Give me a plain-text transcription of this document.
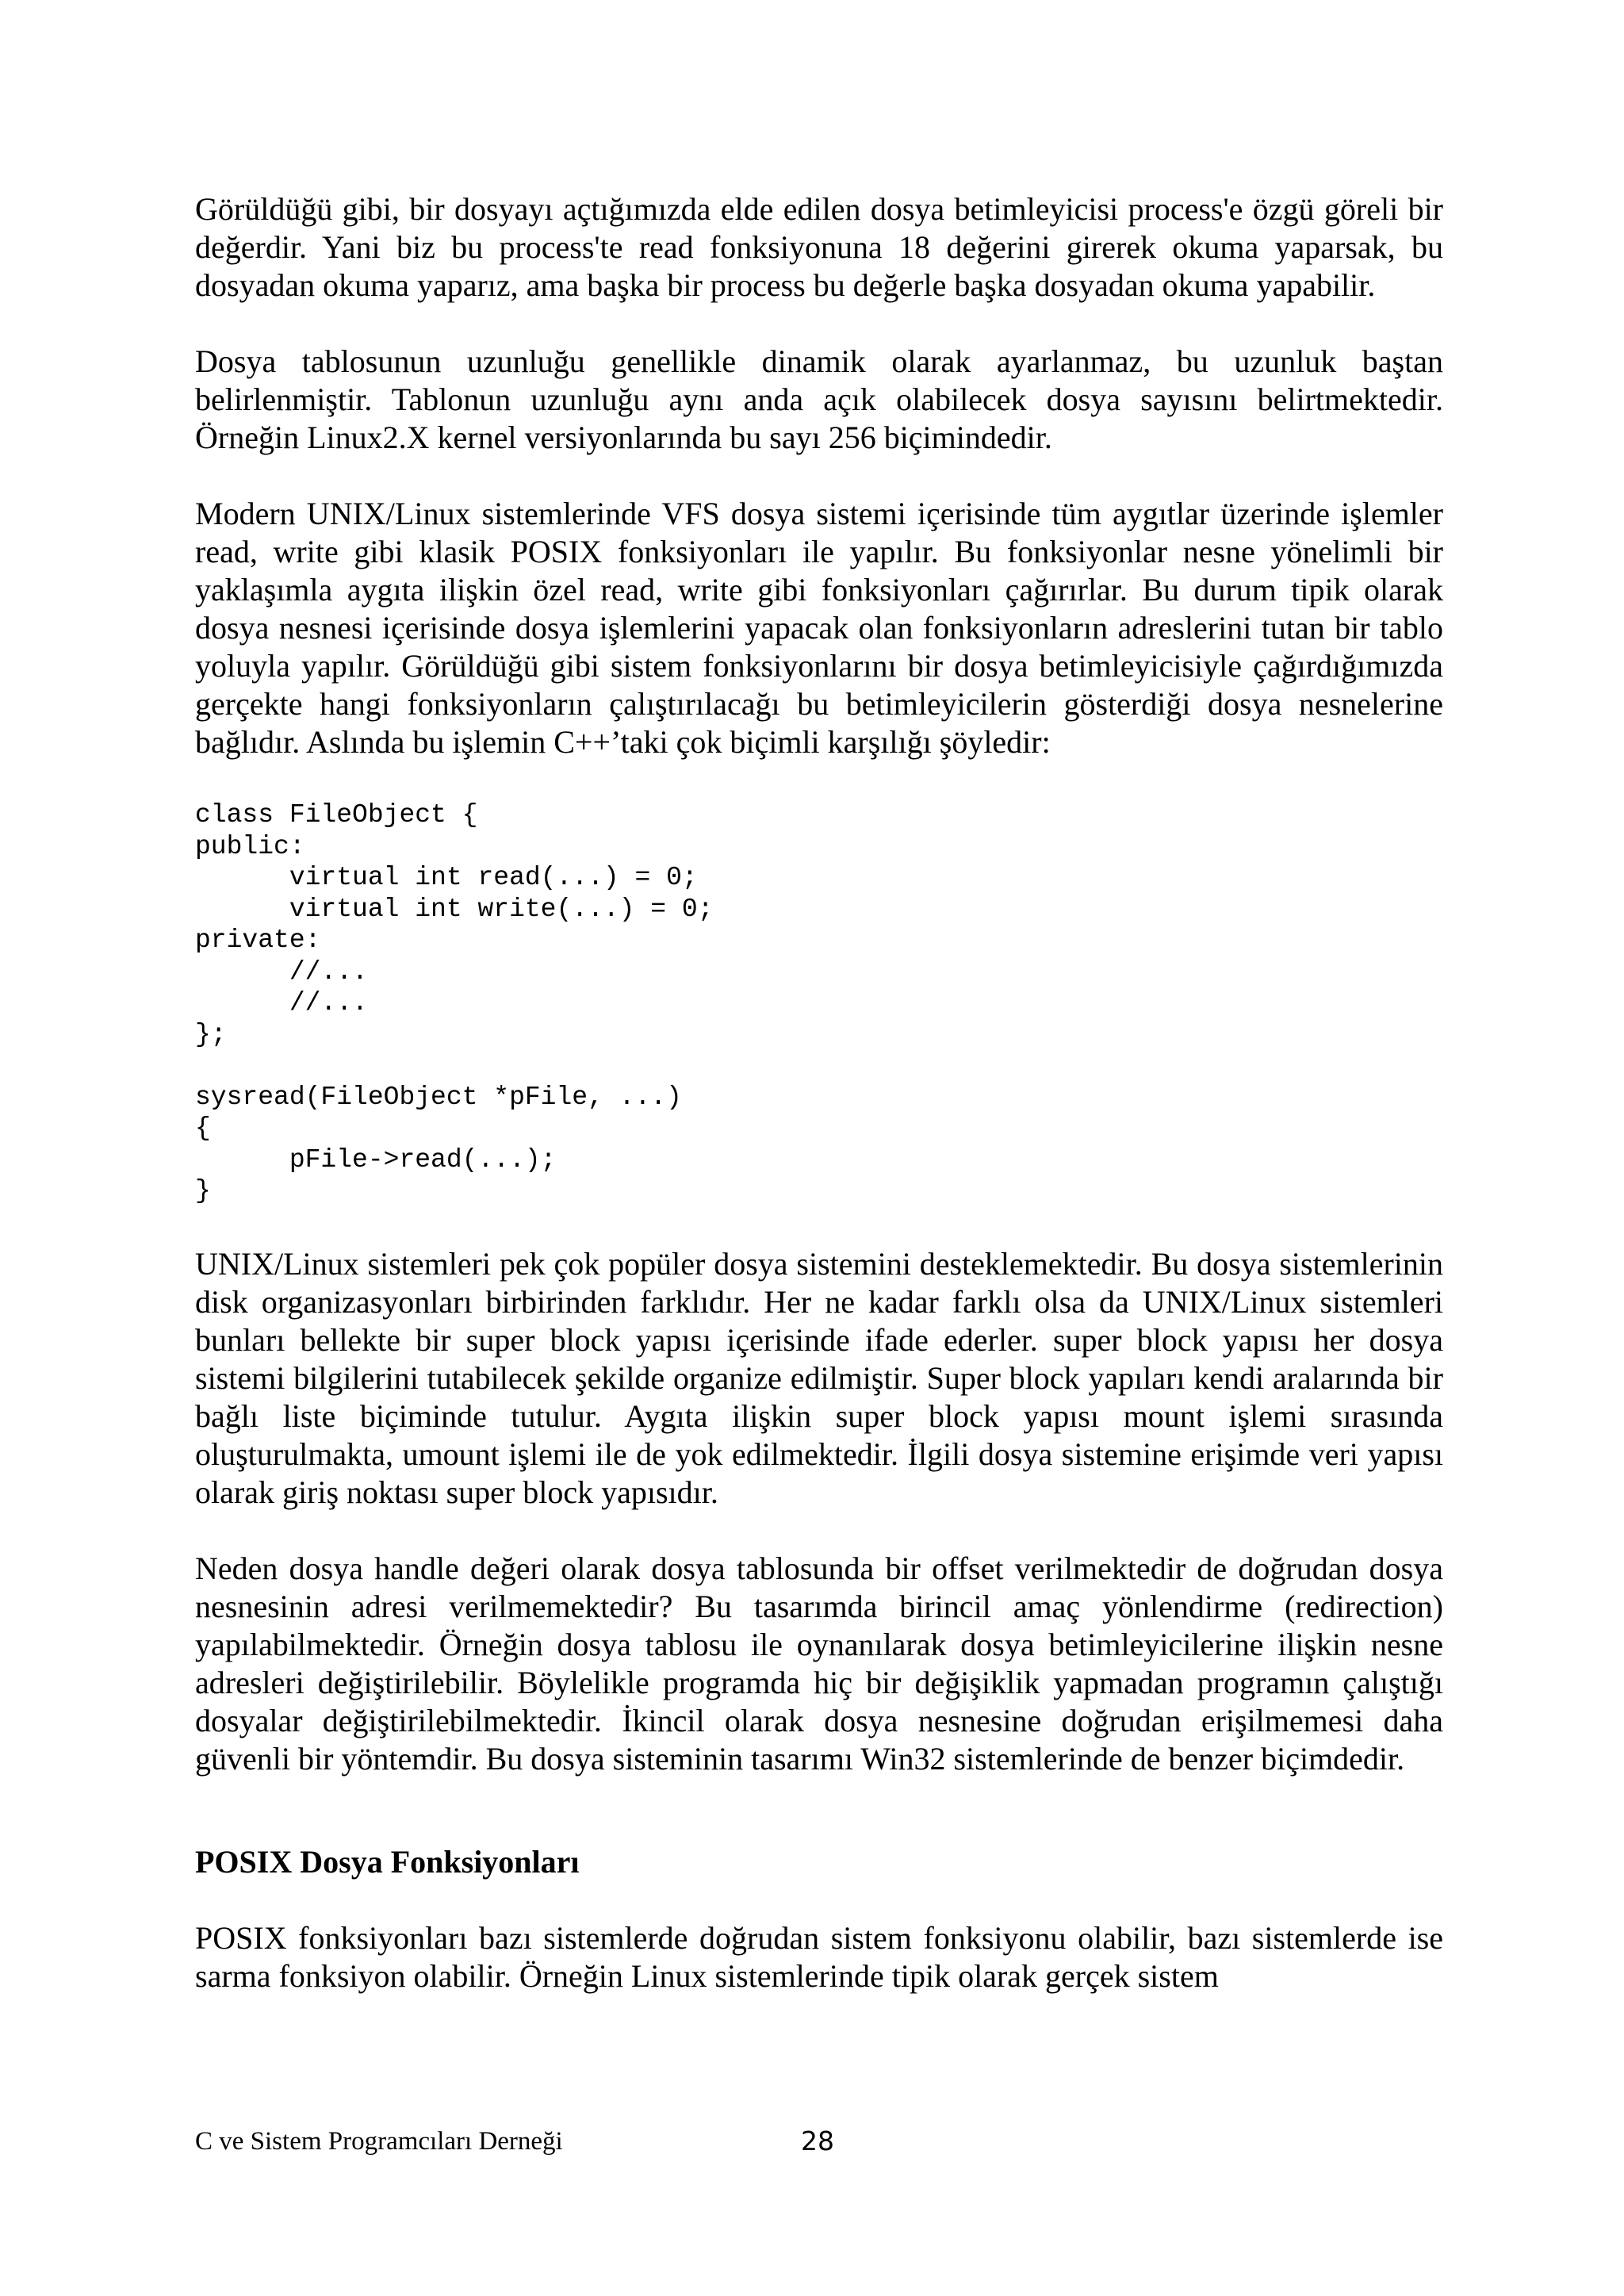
Görüldüğü gibi, bir dosyayı açtığımızda elde edilen dosya betimleyicisi process'e özgü göreli bir değerdir. Yani biz bu process'te read fonksiyonuna 18 değerini girerek okuma yaparsak, bu dosyadan okuma yaparız, ama başka bir process bu değerle başka dosyadan okuma yapabilir.

Dosya tablosunun uzunluğu genellikle dinamik olarak ayarlanmaz, bu uzunluk baştan belirlenmiştir. Tablonun uzunluğu aynı anda açık olabilecek dosya sayısını belirtmektedir. Örneğin Linux2.X kernel versiyonlarında bu sayı 256 biçimindedir.

Modern UNIX/Linux sistemlerinde VFS dosya sistemi içerisinde tüm aygıtlar üzerinde işlemler read, write gibi klasik POSIX fonksiyonları ile yapılır. Bu fonksiyonlar nesne yönelimli bir yaklaşımla aygıta ilişkin özel read, write gibi fonksiyonları çağırırlar. Bu durum tipik olarak dosya nesnesi içerisinde dosya işlemlerini yapacak olan fonksiyonların adreslerini tutan bir tablo yoluyla yapılır. Görüldüğü gibi sistem fonksiyonlarını bir dosya betimleyicisiyle çağırdığımızda gerçekte hangi fonksiyonların çalıştırılacağı bu betimleyicilerin gösterdiği dosya nesnelerine bağlıdır. Aslında bu işlemin C++’taki çok biçimli karşılığı şöyledir:

class FileObject {
public:
virtual int read(...) = 0;
virtual int write(...) = 0;
private:
//...
//...
};

sysread(FileObject *pFile, ...)
{
pFile->read(...);
}

UNIX/Linux sistemleri pek çok popüler dosya sistemini desteklemektedir. Bu dosya sistemlerinin disk organizasyonları birbirinden farklıdır. Her ne kadar farklı olsa da UNIX/Linux sistemleri bunları bellekte bir super block yapısı içerisinde ifade ederler. super block yapısı her dosya sistemi bilgilerini tutabilecek şekilde organize edilmiştir. Super block yapıları kendi aralarında bir bağlı liste biçiminde tutulur. Aygıta ilişkin super block yapısı mount işlemi sırasında oluşturulmakta, umount işlemi ile de yok edilmektedir. İlgili dosya sistemine erişimde veri yapısı olarak giriş noktası super block yapısıdır.

Neden dosya handle değeri olarak dosya tablosunda bir offset verilmektedir de doğrudan dosya nesnesinin adresi verilmemektedir? Bu tasarımda birincil amaç yönlendirme (redirection) yapılabilmektedir. Örneğin dosya tablosu ile oynanılarak dosya betimleyicilerine ilişkin nesne adresleri değiştirilebilir. Böylelikle programda hiç bir değişiklik yapmadan programın çalıştığı dosyalar değiştirilebilmektedir. İkincil olarak dosya nesnesine doğrudan erişilmemesi daha güvenli bir yöntemdir. Bu dosya sisteminin tasarımı Win32 sistemlerinde de benzer biçimdedir.

POSIX Dosya Fonksiyonları

POSIX fonksiyonları bazı sistemlerde doğrudan sistem fonksiyonu olabilir, bazı sistemlerde ise sarma fonksiyon olabilir. Örneğin Linux sistemlerinde tipik olarak gerçek sistem

C ve Sistem Programcıları Derneği	28
